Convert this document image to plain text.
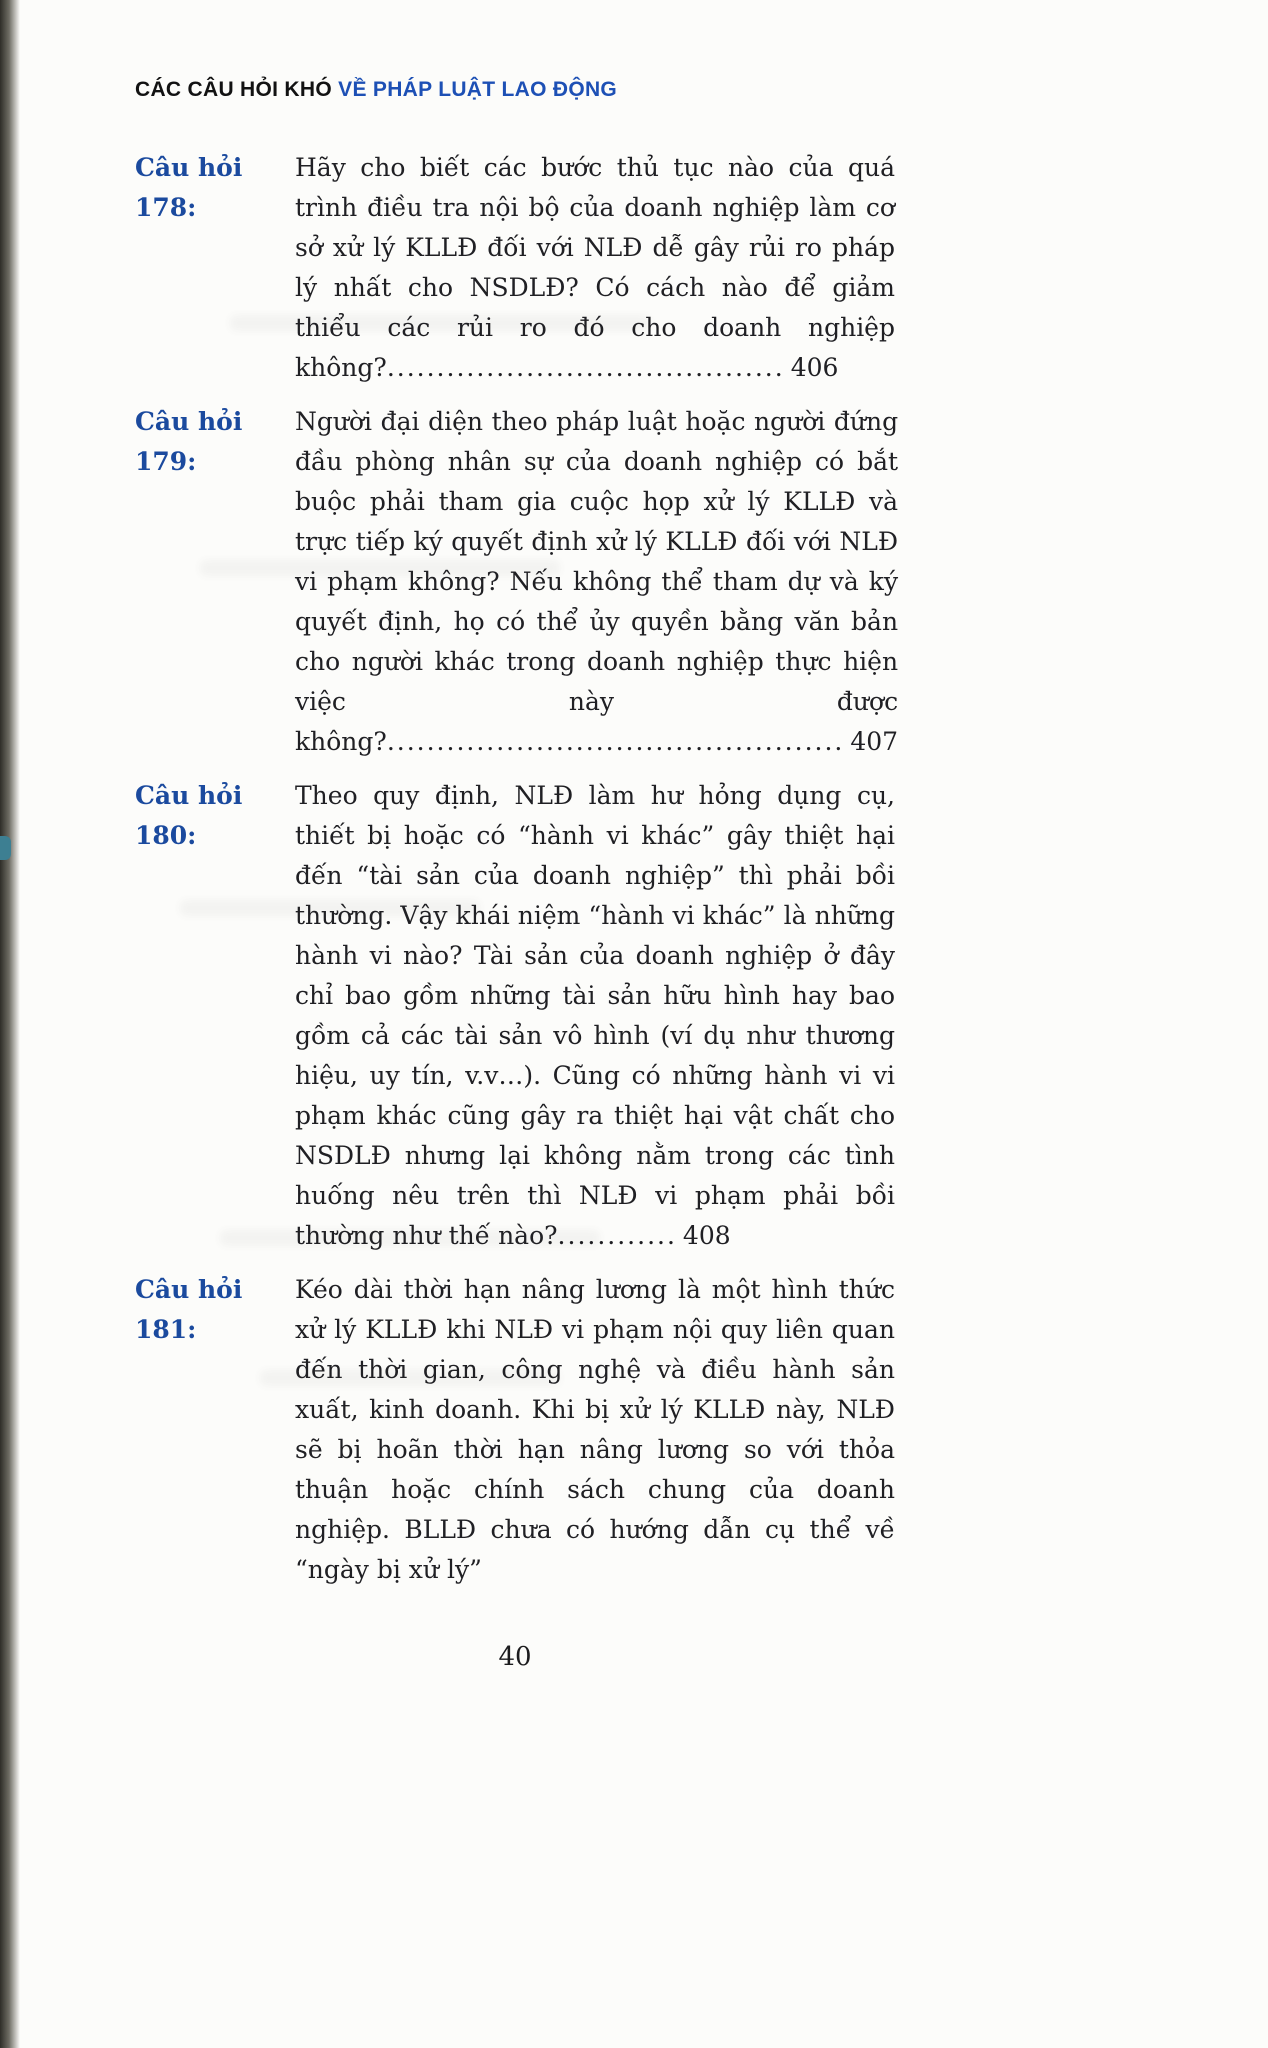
CÁC CÂU HỎI KHÓ VỀ PHÁP LUẬT LAO ĐỘNG
Câu hỏi 178:
Hãy cho biết các bước thủ tục nào của quá trình điều tra nội bộ của doanh nghiệp làm cơ sở xử lý KLLĐ đối với NLĐ dễ gây rủi ro pháp lý nhất cho NSDLĐ? Có cách nào để giảm thiểu các rủi ro đó cho doanh nghiệp không?........................................ 406
Câu hỏi 179:
Người đại diện theo pháp luật hoặc người đứng đầu phòng nhân sự của doanh nghiệp có bắt buộc phải tham gia cuộc họp xử lý KLLĐ và trực tiếp ký quyết định xử lý KLLĐ đối với NLĐ vi phạm không? Nếu không thể tham dự và ký quyết định, họ có thể ủy quyền bằng văn bản cho người khác trong doanh nghiệp thực hiện việc này được không?.............................................. 407
Câu hỏi 180:
Theo quy định, NLĐ làm hư hỏng dụng cụ, thiết bị hoặc có “hành vi khác” gây thiệt hại đến “tài sản của doanh nghiệp” thì phải bồi thường. Vậy khái niệm “hành vi khác” là những hành vi nào? Tài sản của doanh nghiệp ở đây chỉ bao gồm những tài sản hữu hình hay bao gồm cả các tài sản vô hình (ví dụ như thương hiệu, uy tín, v.v…). Cũng có những hành vi vi phạm khác cũng gây ra thiệt hại vật chất cho NSDLĐ nhưng lại không nằm trong các tình huống nêu trên thì NLĐ vi phạm phải bồi thường như thế nào?............ 408
Câu hỏi 181:
Kéo dài thời hạn nâng lương là một hình thức xử lý KLLĐ khi NLĐ vi phạm nội quy liên quan đến thời gian, công nghệ và điều hành sản xuất, kinh doanh. Khi bị xử lý KLLĐ này, NLĐ sẽ bị hoãn thời hạn nâng lương so với thỏa thuận hoặc chính sách chung của doanh nghiệp. BLLĐ chưa có hướng dẫn cụ thể về “ngày bị xử lý”
40
